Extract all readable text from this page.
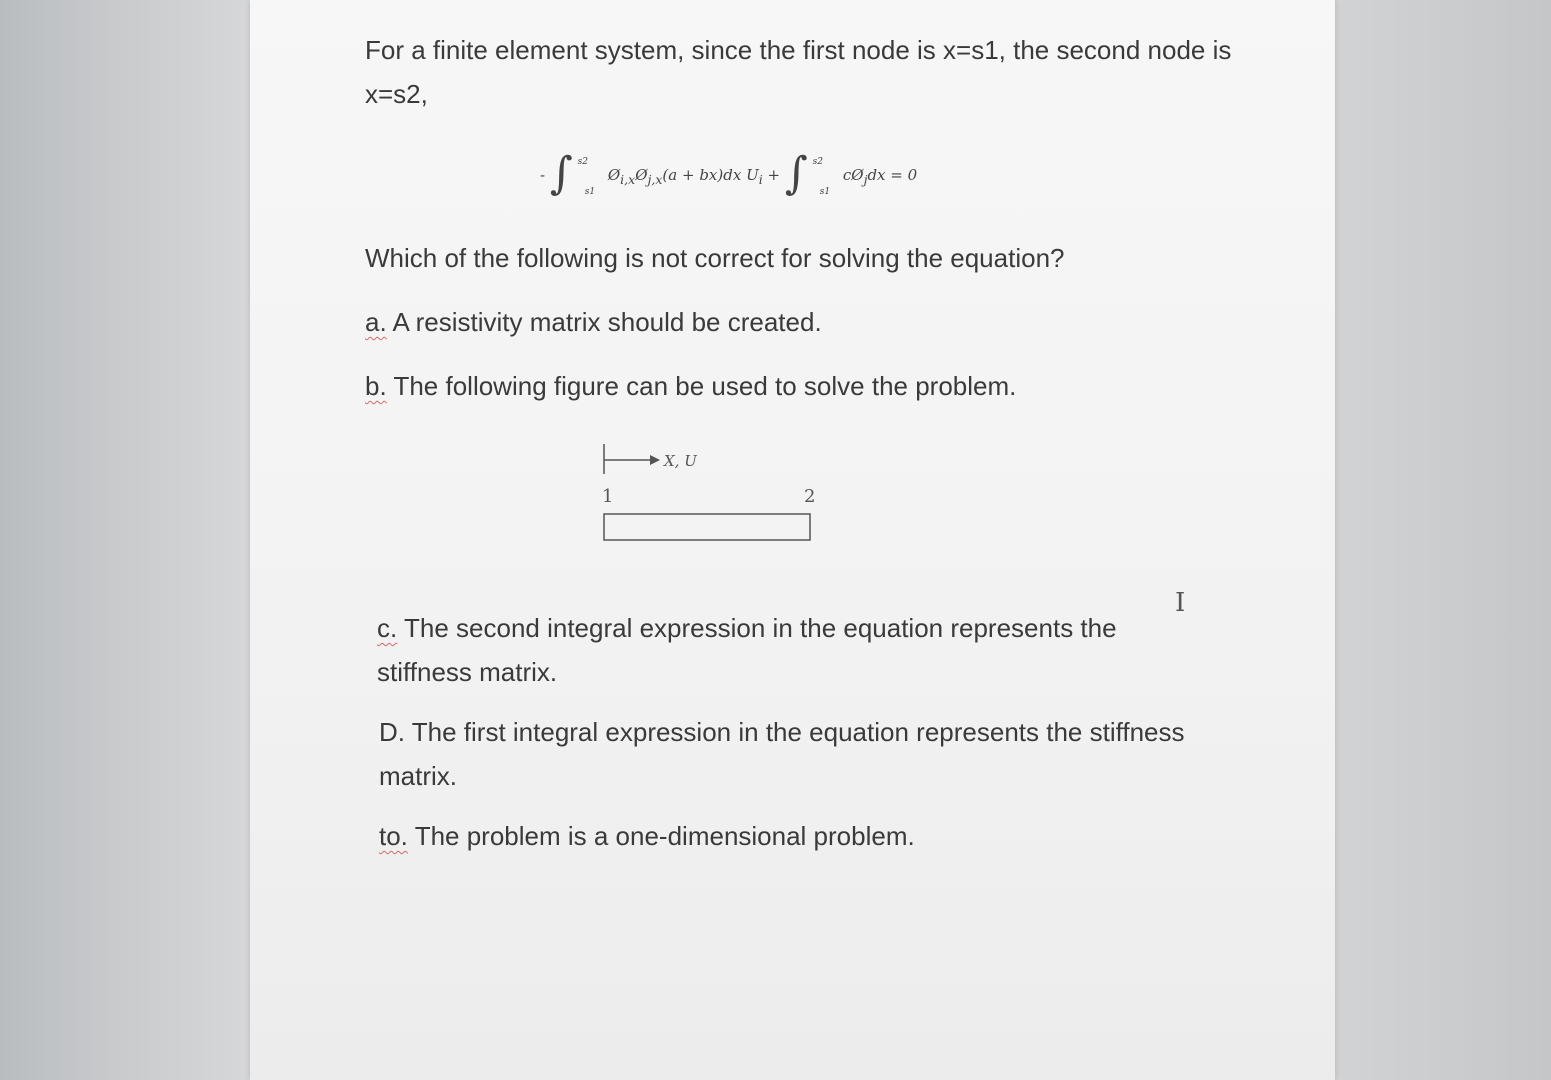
For a finite element system, since the first node is x=s1, the second node is x=s2,
- ∫ $^{s2}$ $_{s1}$ $Ø_{i,x}Ø_{j,x}(a + bx)dx$ $U_i$ + ∫ $^{s2}$ $_{s1}$ $cØ_jdx = 0$
Which of the following is not correct for solving the equation?
a. A resistivity matrix should be created.
b. The following figure can be used to solve the problem.
X, U
1	2
I
c. The second integral expression in the equation represents the stiffness matrix.
D. The first integral expression in the equation represents the stiffness matrix.
to. The problem is a one-dimensional problem.
